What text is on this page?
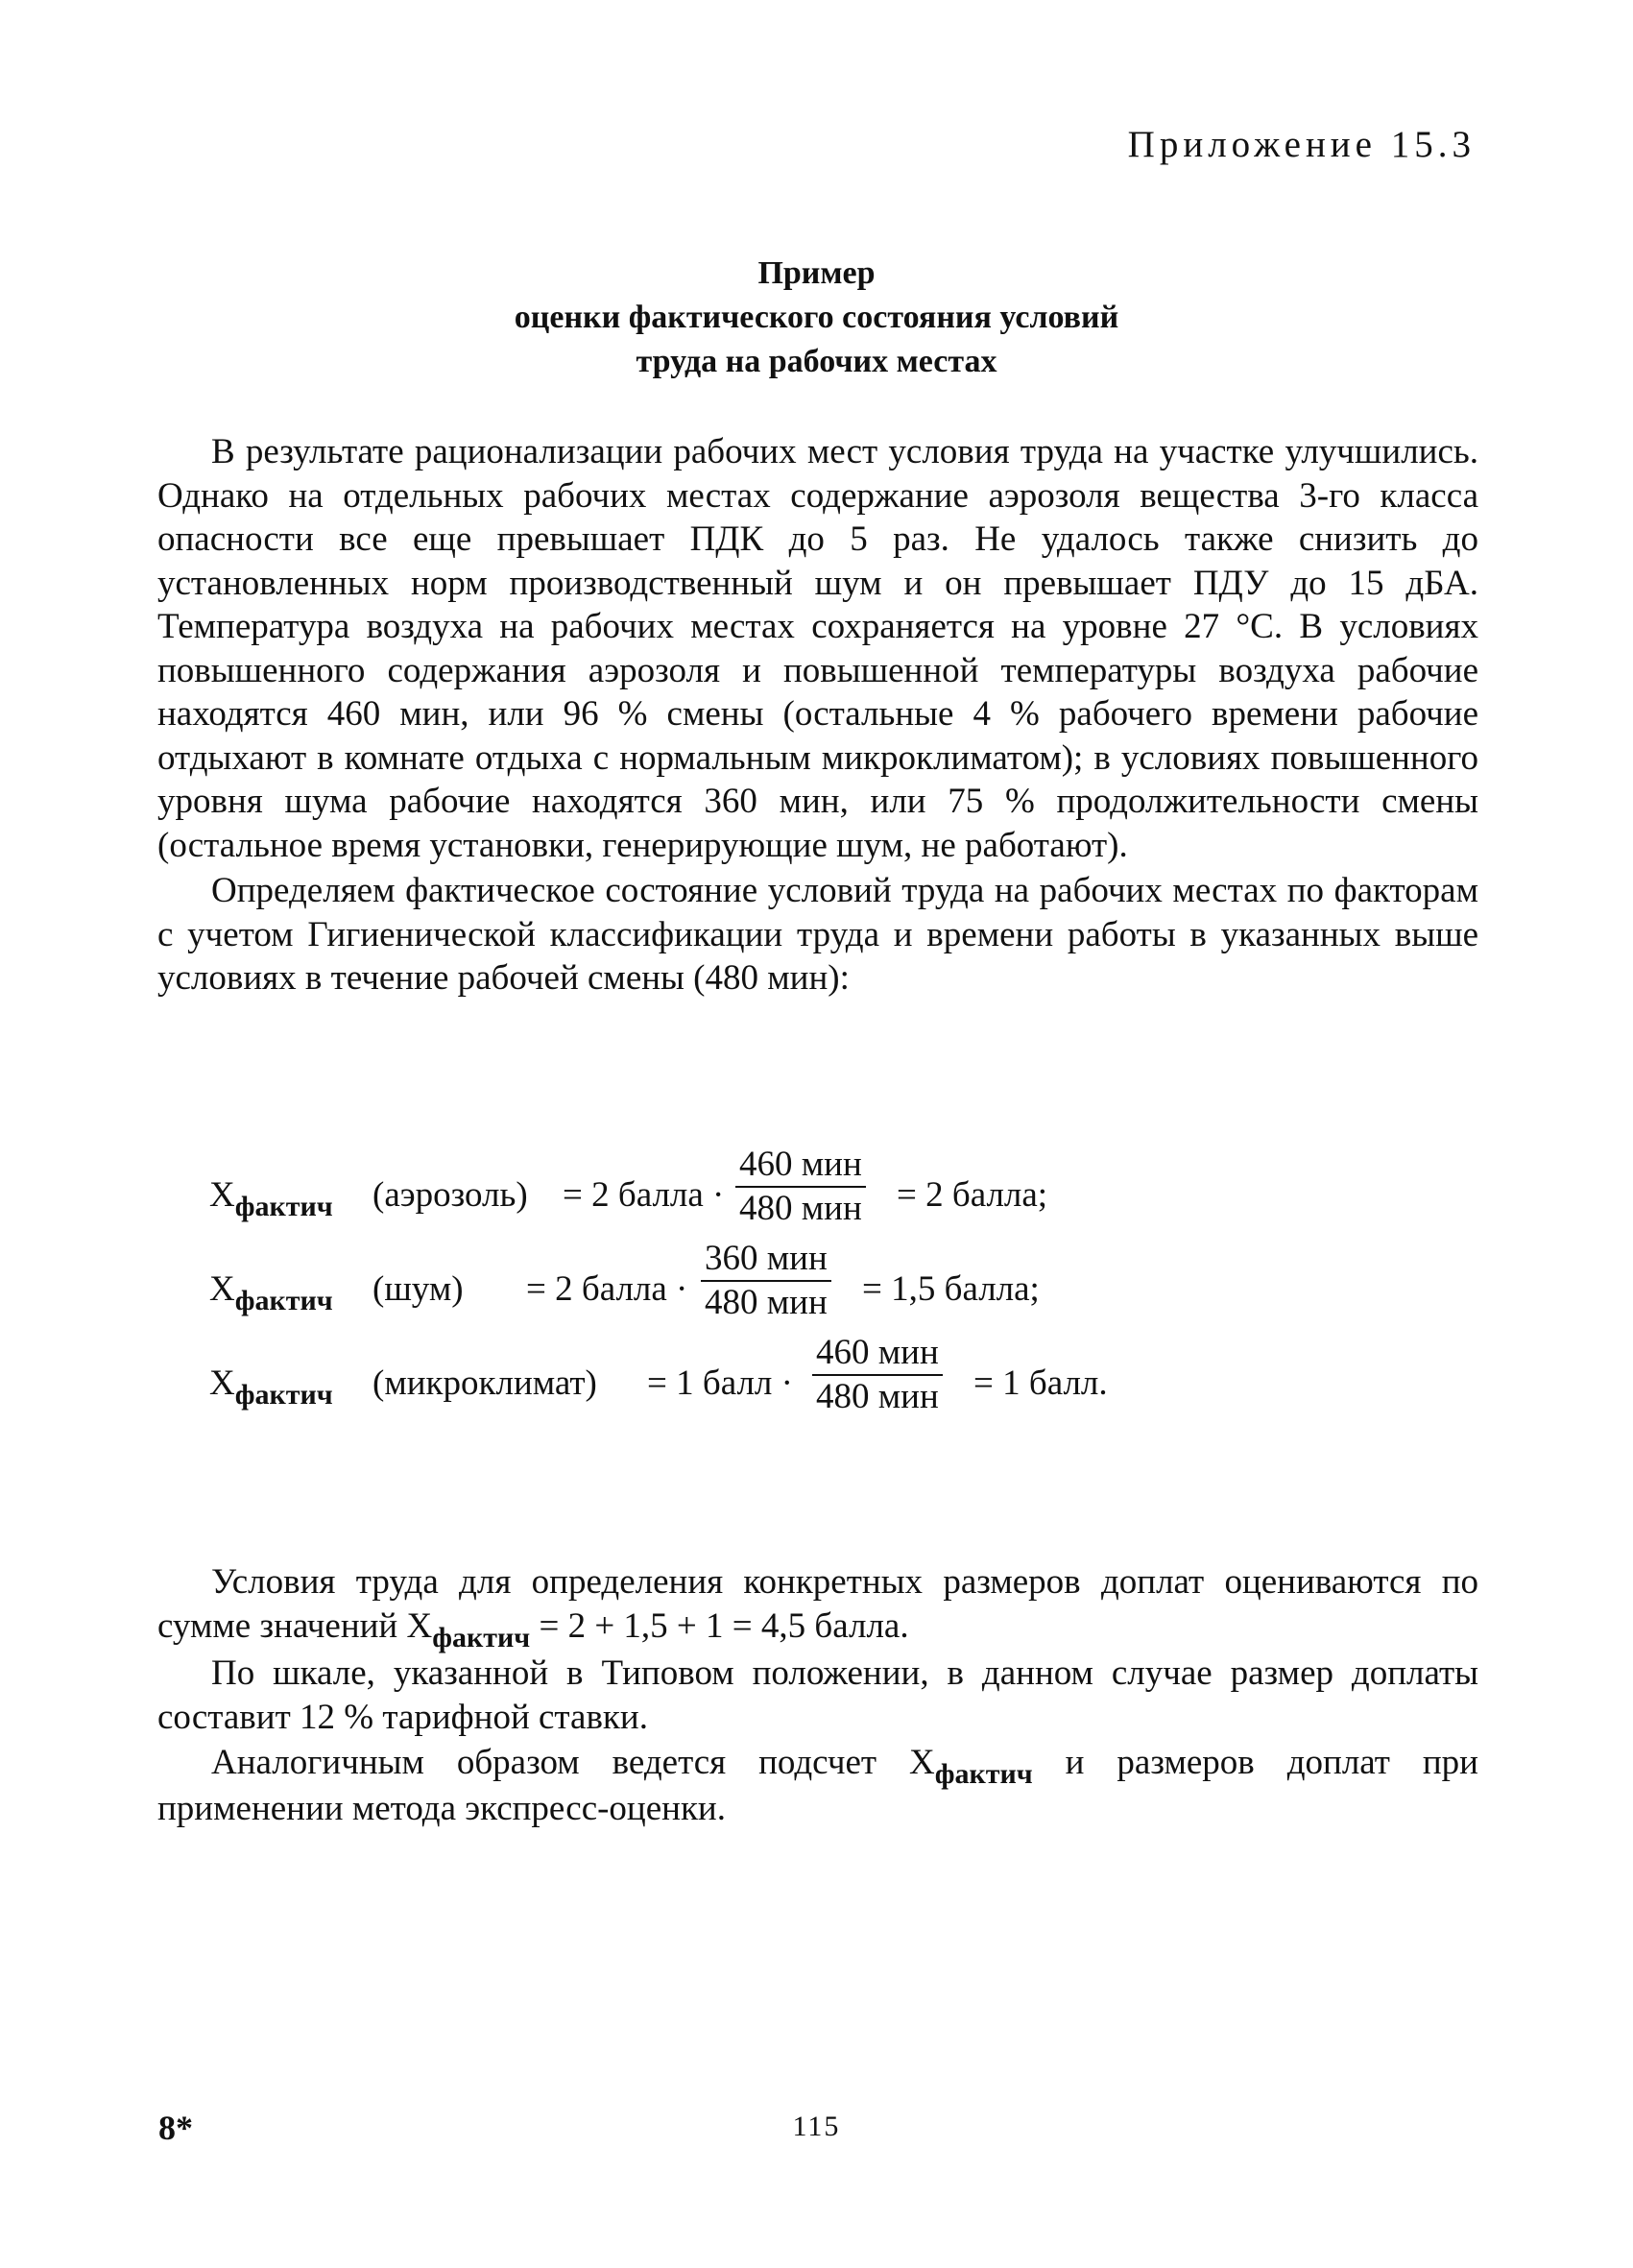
Приложение 15.3
Пример
оценки фактического состояния условий
труда на рабочих местах

В результате рационализации рабочих мест условия труда на участке улучшились. Однако на отдельных рабочих местах содержание аэрозоля вещества 3-го класса опасности все еще превышает ПДК до 5 раз. Не удалось также снизить до установленных норм производственный шум и он превышает ПДУ до 15 дБА. Температура воздуха на рабочих местах сохраняется на уровне 27 °С. В условиях повышенного содержания аэрозоля и повышенной температуры воздуха рабочие находятся 460 мин, или 96 % смены (остальные 4 % рабочего времени рабочие отдыхают в комнате отдыха с нормальным микроклиматом); в условиях повышенного уровня шума рабочие находятся 360 мин, или 75 % продолжительности смены (остальное время установки, генерирующие шум, не работают).

Определяем фактическое состояние условий труда на рабочих местах по факторам с учетом Гигиенической классификации труда и времени работы в указанных выше условиях в течение рабочей смены (480 мин):

$X_{фактич}$ (аэрозоль) = 2 балла ·
460 мин
480 мин = 2 балла;
$X_{фактич}$ (шум) = 2 балла ·
360 мин
480 мин = 1,5 балла;
$X_{фактич}$ (микроклимат) = 1 балл ·
460 мин
480 мин = 1 балл.

Условия труда для определения конкретных размеров доплат оцениваются по сумме значений $X_{фактич} = 2 + 1,5 + 1 = 4,5$ балла.

По шкале, указанной в Типовом положении, в данном случае размер доплаты составит 12 % тарифной ставки.

Аналогичным образом ведется подсчет $X_{фактич}$ и размеров доплат при применении метода экспресс-оценки.

8*	115
